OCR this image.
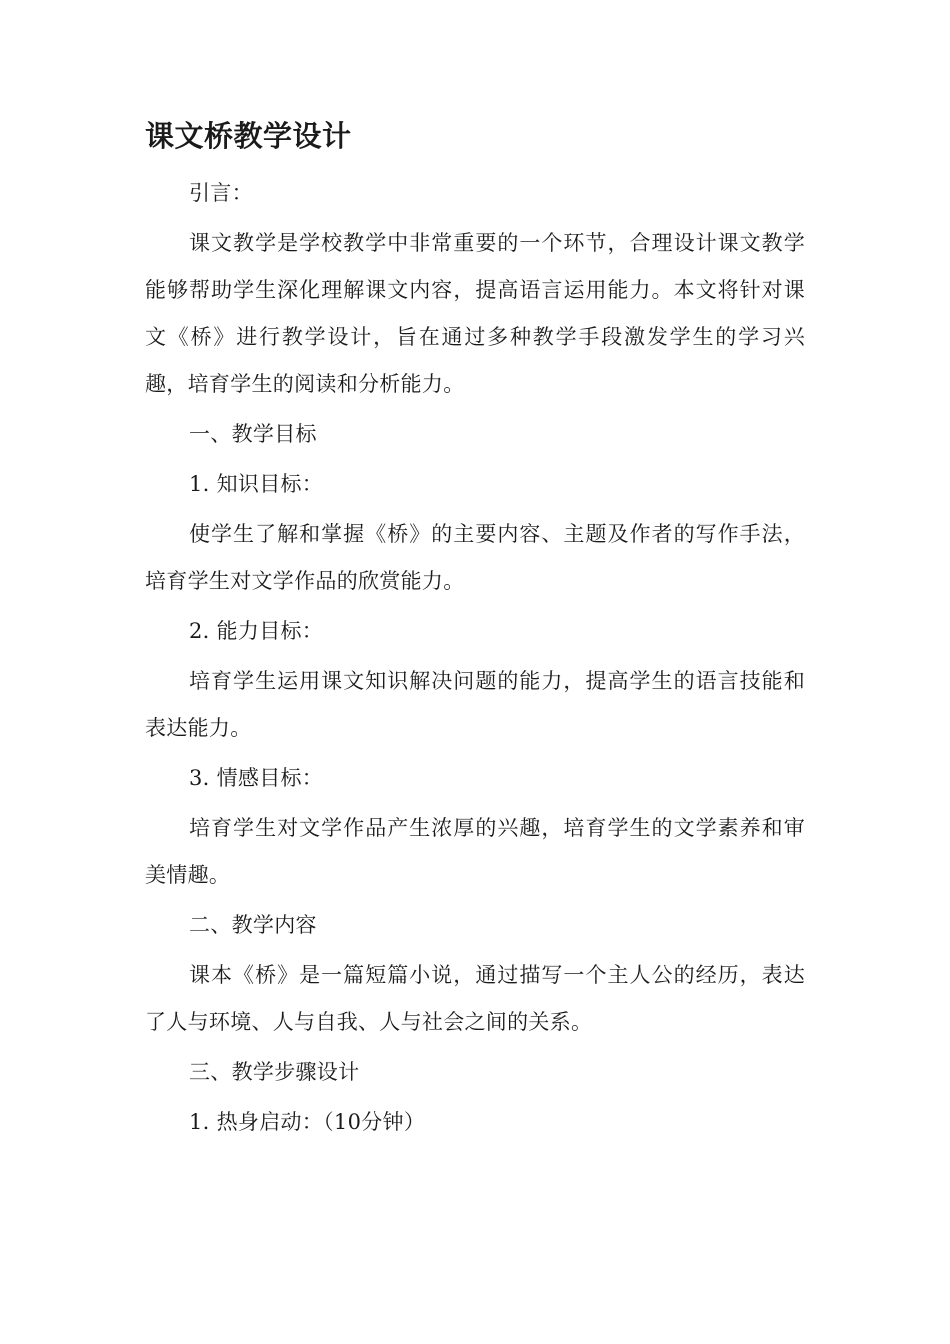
课文桥教学设计

引言：

课文教学是学校教学中非常重要的一个环节，合理设计课文教学能够帮助学生深化理解课文内容，提高语言运用能力。本文将针对课文《桥》进行教学设计，旨在通过多种教学手段激发学生的学习兴趣，培育学生的阅读和分析能力。

一、教学目标

1. 知识目标：

使学生了解和掌握《桥》的主要内容、主题及作者的写作手法，培育学生对文学作品的欣赏能力。

2. 能力目标：

培育学生运用课文知识解决问题的能力，提高学生的语言技能和表达能力。

3. 情感目标：

培育学生对文学作品产生浓厚的兴趣，培育学生的文学素养和审美情趣。

二、教学内容

课本《桥》是一篇短篇小说，通过描写一个主人公的经历，表达了人与环境、人与自我、人与社会之间的关系。

三、教学步骤设计

1. 热身启动：（10分钟）
